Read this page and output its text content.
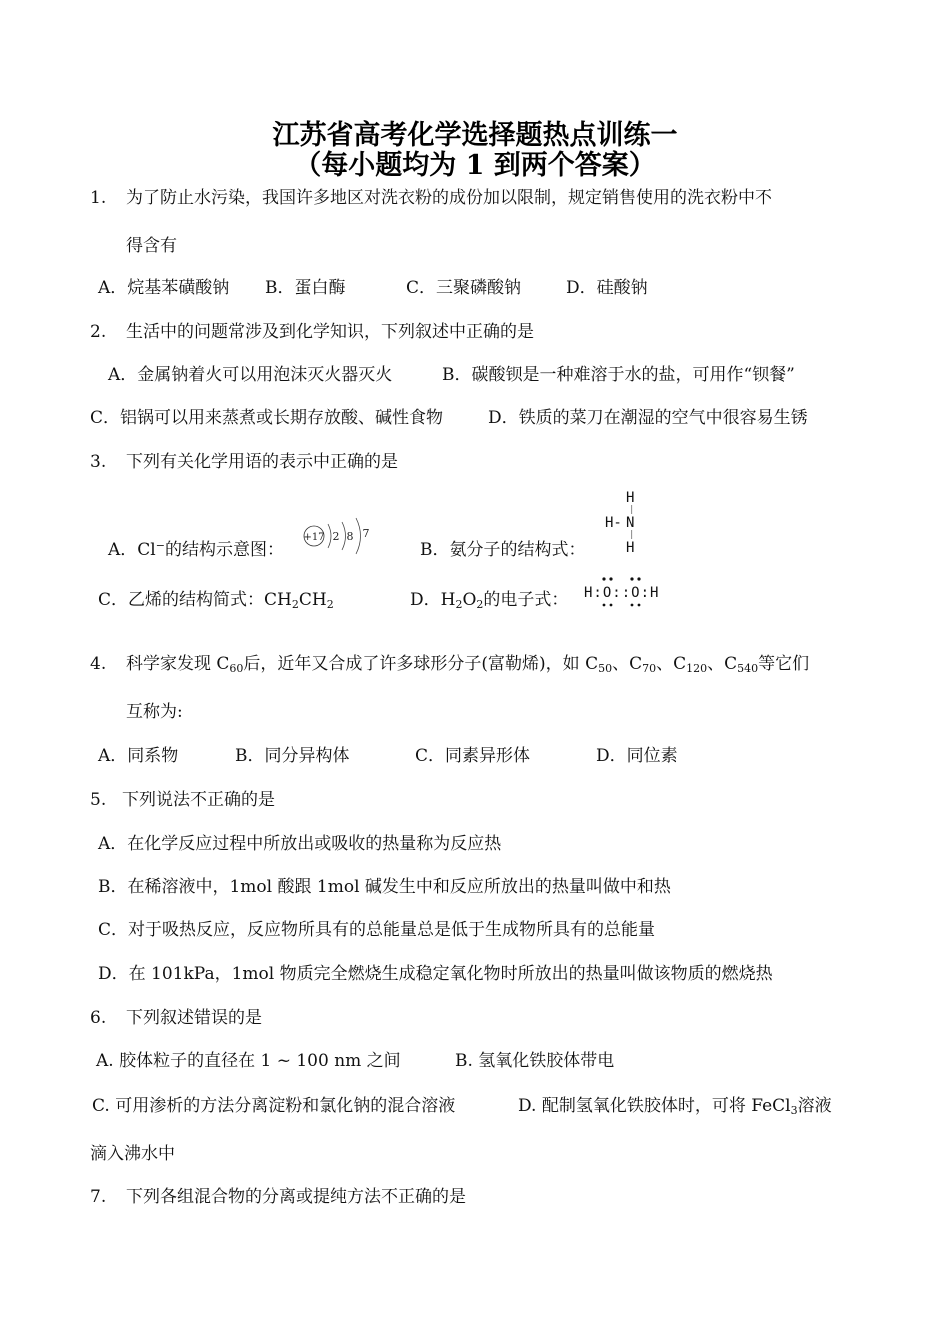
江苏省高考化学选择题热点训练一
（每小题均为 1 到两个答案）
1. 为了防止水污染，我国许多地区对洗衣粉的成份加以限制，规定销售使用的洗衣粉中不
得含有
A．烷基苯磺酸钠 B．蛋白酶	C．三聚磷酸钠	D．硅酸钠
2. 生活中的问题常涉及到化学知识，下列叙述中正确的是
A．金属钠着火可以用泡沫灭火器灭火	B．碳酸钡是一种难溶于水的盐，可用作“钡餐”
C．铝锅可以用来蒸煮或长期存放酸、碱性食物	D．铁质的菜刀在潮湿的空气中很容易生锈
3. 下列有关化学用语的表示中正确的是
A．Cl−的结构示意图：
+17 2 8 7
B．氨分子的结构式：
H
|
H- N
|
H
C．乙烯的结构简式：$CH_2CH_2$	D．$H_2O_2$的电子式： H:O::O:H
4. 科学家发现 $C_{60}$后，近年又合成了许多球形分子(富勒烯)，如 $C_{50}$、$C_{70}$、$C_{120}$、$C_{540}$等它们
互称为:
A．同系物	B．同分异构体	C．同素异形体	D．同位素
5. 下列说法不正确的是
A．在化学反应过程中所放出或吸收的热量称为反应热
B．在稀溶液中，1mol 酸跟 1mol 碱发生中和反应所放出的热量叫做中和热
C．对于吸热反应，反应物所具有的总能量总是低于生成物所具有的总能量
D．在 101kPa，1mol 物质完全燃烧生成稳定氧化物时所放出的热量叫做该物质的燃烧热
6. 下列叙述错误的是
A. 胶体粒子的直径在 1 ~ 100 nm 之间	B. 氢氧化铁胶体带电
C. 可用渗析的方法分离淀粉和氯化钠的混合溶液	D. 配制氢氧化铁胶体时，可将 FeCl$_3$溶液
滴入沸水中
7. 下列各组混合物的分离或提纯方法不正确的是
